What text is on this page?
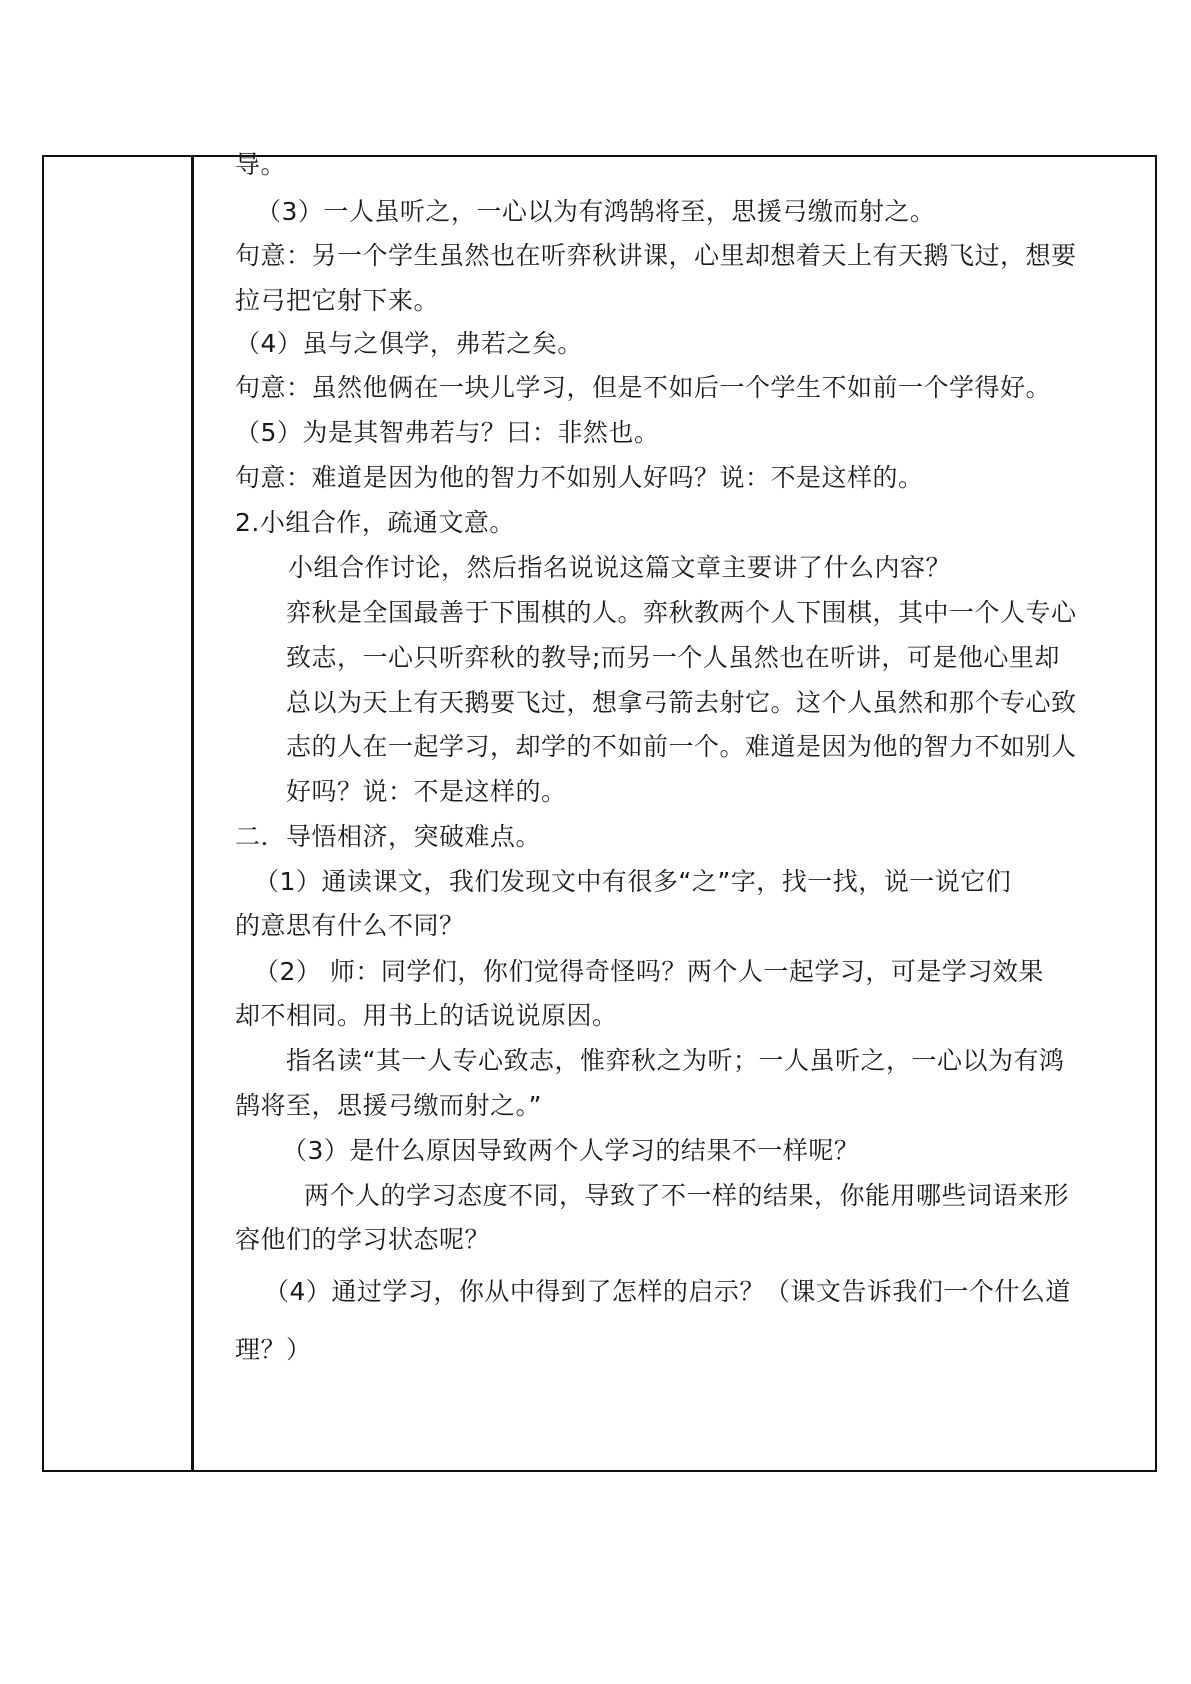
导。
（3）一人虽听之，一心以为有鸿鹄将至，思援弓缴而射之。
句意：另一个学生虽然也在听弈秋讲课，心里却想着天上有天鹅飞过，想要
拉弓把它射下来。
（4）虽与之俱学，弗若之矣。
句意：虽然他俩在一块儿学习，但是不如后一个学生不如前一个学得好。
（5）为是其智弗若与？曰：非然也。
句意：难道是因为他的智力不如别人好吗？说：不是这样的。
2.小组合作，疏通文意。
小组合作讨论，然后指名说说这篇文章主要讲了什么内容？
弈秋是全国最善于下围棋的人。弈秋教两个人下围棋，其中一个人专心
致志，一心只听弈秋的教导;而另一个人虽然也在听讲，可是他心里却
总以为天上有天鹅要飞过，想拿弓箭去射它。这个人虽然和那个专心致
志的人在一起学习，却学的不如前一个。难道是因为他的智力不如别人
好吗？说：不是这样的。
二．导悟相济，突破难点。
（1）通读课文，我们发现文中有很多“之”字，找一找，说一说它们
的意思有什么不同？
（2） 师：同学们，你们觉得奇怪吗？两个人一起学习，可是学习效果
却不相同。用书上的话说说原因。
指名读“其一人专心致志，惟弈秋之为听；一人虽听之，一心以为有鸿
鹄将至，思援弓缴而射之。”
（3）是什么原因导致两个人学习的结果不一样呢？
两个人的学习态度不同，导致了不一样的结果，你能用哪些词语来形
容他们的学习状态呢？
（4）通过学习，你从中得到了怎样的启示？（课文告诉我们一个什么道
理？）
